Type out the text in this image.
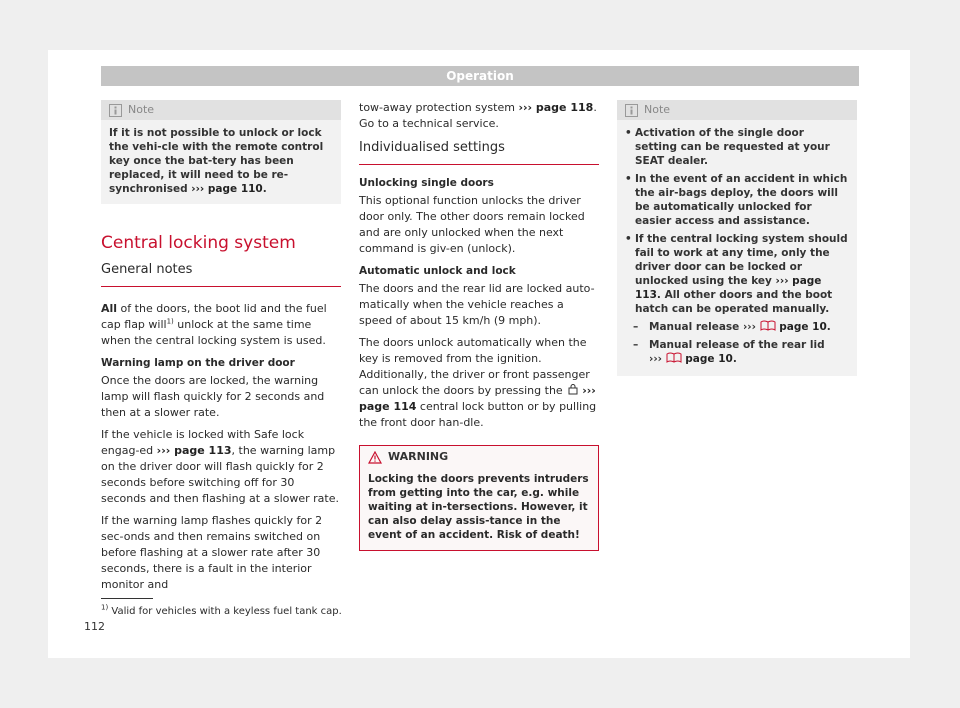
Operation
Note
If it is not possible to unlock or lock the vehi-cle with the remote control key once the bat-tery has been replaced, it will need to be re-synchronised ››› page 110.
Central locking system
General notes

All of the doors, the boot lid and the fuel cap flap will$^{1)}$ unlock at the same time when the central locking system is used.

Warning lamp on the driver door

Once the doors are locked, the warning lamp will flash quickly for 2 seconds and then at a slower rate.

If the vehicle is locked with Safe lock engag-ed ››› page 113, the warning lamp on the driver door will flash quickly for 2 seconds before switching off for 30 seconds and then flashing at a slower rate.

If the warning lamp flashes quickly for 2 sec-onds and then remains switched on before flashing at a slower rate after 30 seconds, there is a fault in the interior monitor and

tow-away protection system ››› page 118. Go to a technical service.

Individualised settings
Unlocking single doors

This optional function unlocks the driver door only. The other doors remain locked and are only unlocked when the next command is giv-en (unlock).

Automatic unlock and lock

The doors and the rear lid are locked auto-matically when the vehicle reaches a speed of about 15 km/h (9 mph).

The doors unlock automatically when the key is removed from the ignition. Additionally, the driver or front passenger can unlock the doors by pressing the ››› page 114 central lock button or by pulling the front door han-dle.

WARNING
Locking the doors prevents intruders from getting into the car, e.g. while waiting at in-tersections. However, it can also delay assis-tance in the event of an accident. Risk of death!
Note
• Activation of the single door setting can be requested at your SEAT dealer.
• In the event of an accident in which the air-bags deploy, the doors will be automatically unlocked for easier access and assistance.
• If the central locking system should fail to work at any time, only the driver door can be locked or unlocked using the key ››› page 113. All other doors and the boot hatch can be operated manually.
– Manual release ›››  page 10.
– Manual release of the rear lid
›››  page 10.
$^{1)}$ Valid for vehicles with a keyless fuel tank cap.
112
